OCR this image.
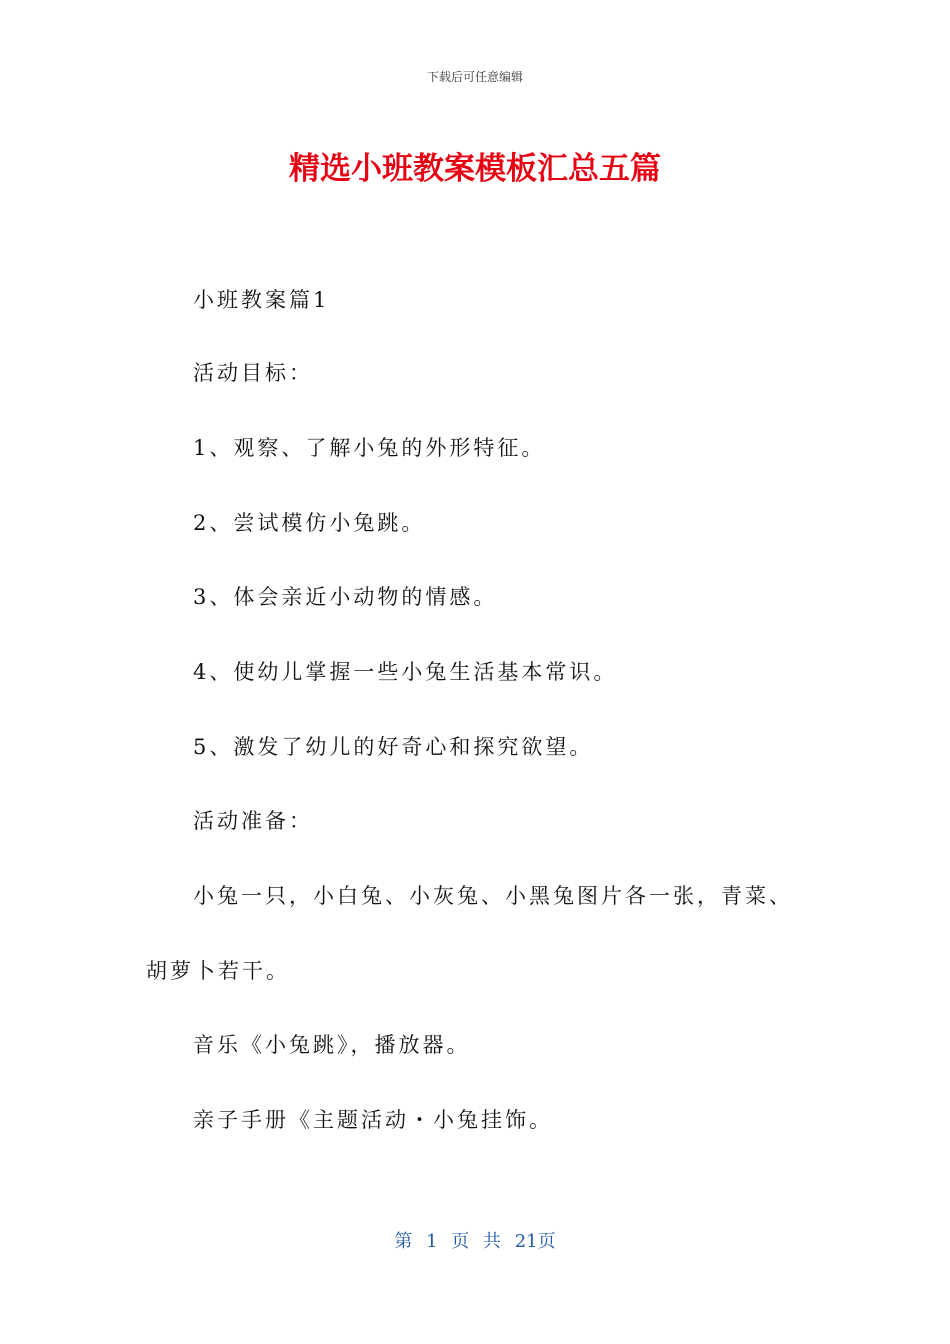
下载后可任意编辑
精选小班教案模板汇总五篇
小班教案篇1
活动目标：
1、观察、了解小兔的外形特征。
2、尝试模仿小兔跳。
3、体会亲近小动物的情感。
4、使幼儿掌握一些小兔生活基本常识。
5、激发了幼儿的好奇心和探究欲望。
活动准备：
小兔一只，小白兔、小灰兔、小黑兔图片各一张，青菜、
胡萝卜若干。
音乐《小兔跳》，播放器。
亲子手册《主题活动・小兔挂饰。
第 1 页 共 21页
